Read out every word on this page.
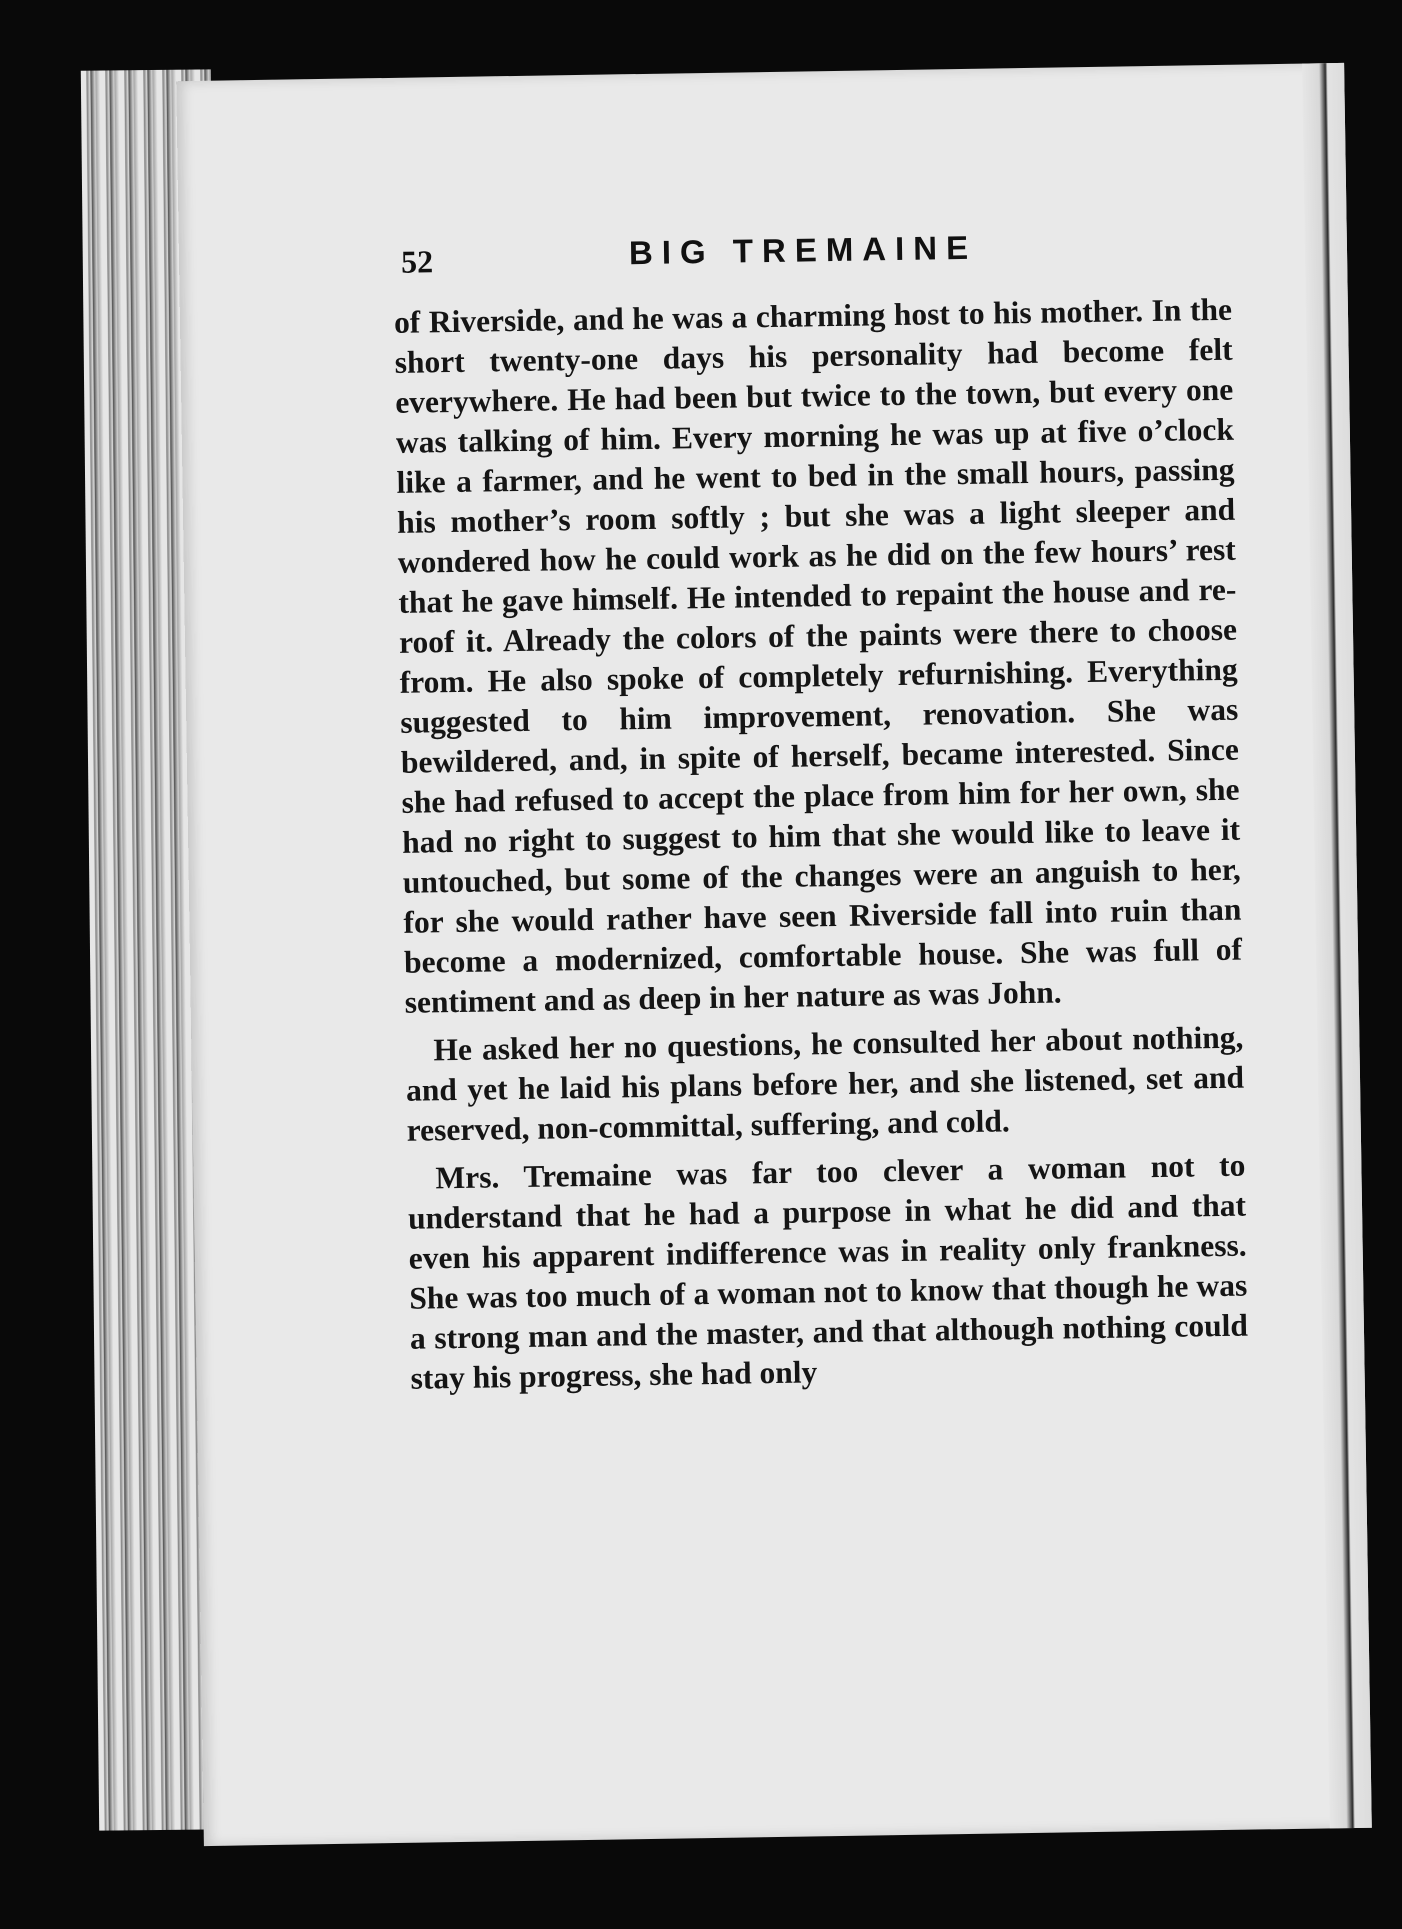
52	BIG TREMAINE

of Riverside, and he was a charming host to his mother. In the short twenty-one days his personality had become felt everywhere. He had been but twice to the town, but every one was talking of him. Every morning he was up at five o’clock like a farmer, and he went to bed in the small hours, passing his mother’s room softly ; but she was a light sleeper and wondered how he could work as he did on the few hours’ rest that he gave himself. He intended to repaint the house and re-roof it. Already the colors of the paints were there to choose from. He also spoke of completely refurnishing. Everything suggested to him improvement, renovation. She was bewildered, and, in spite of herself, became interested. Since she had refused to accept the place from him for her own, she had no right to suggest to him that she would like to leave it untouched, but some of the changes were an anguish to her, for she would rather have seen Riverside fall into ruin than become a modernized, comfortable house. She was full of sentiment and as deep in her nature as was John.

He asked her no questions, he consulted her about nothing, and yet he laid his plans before her, and she listened, set and reserved, non-committal, suffering, and cold.

Mrs. Tremaine was far too clever a woman not to understand that he had a purpose in what he did and that even his apparent indifference was in reality only frankness. She was too much of a woman not to know that though he was a strong man and the master, and that although nothing could stay his progress, she had only
